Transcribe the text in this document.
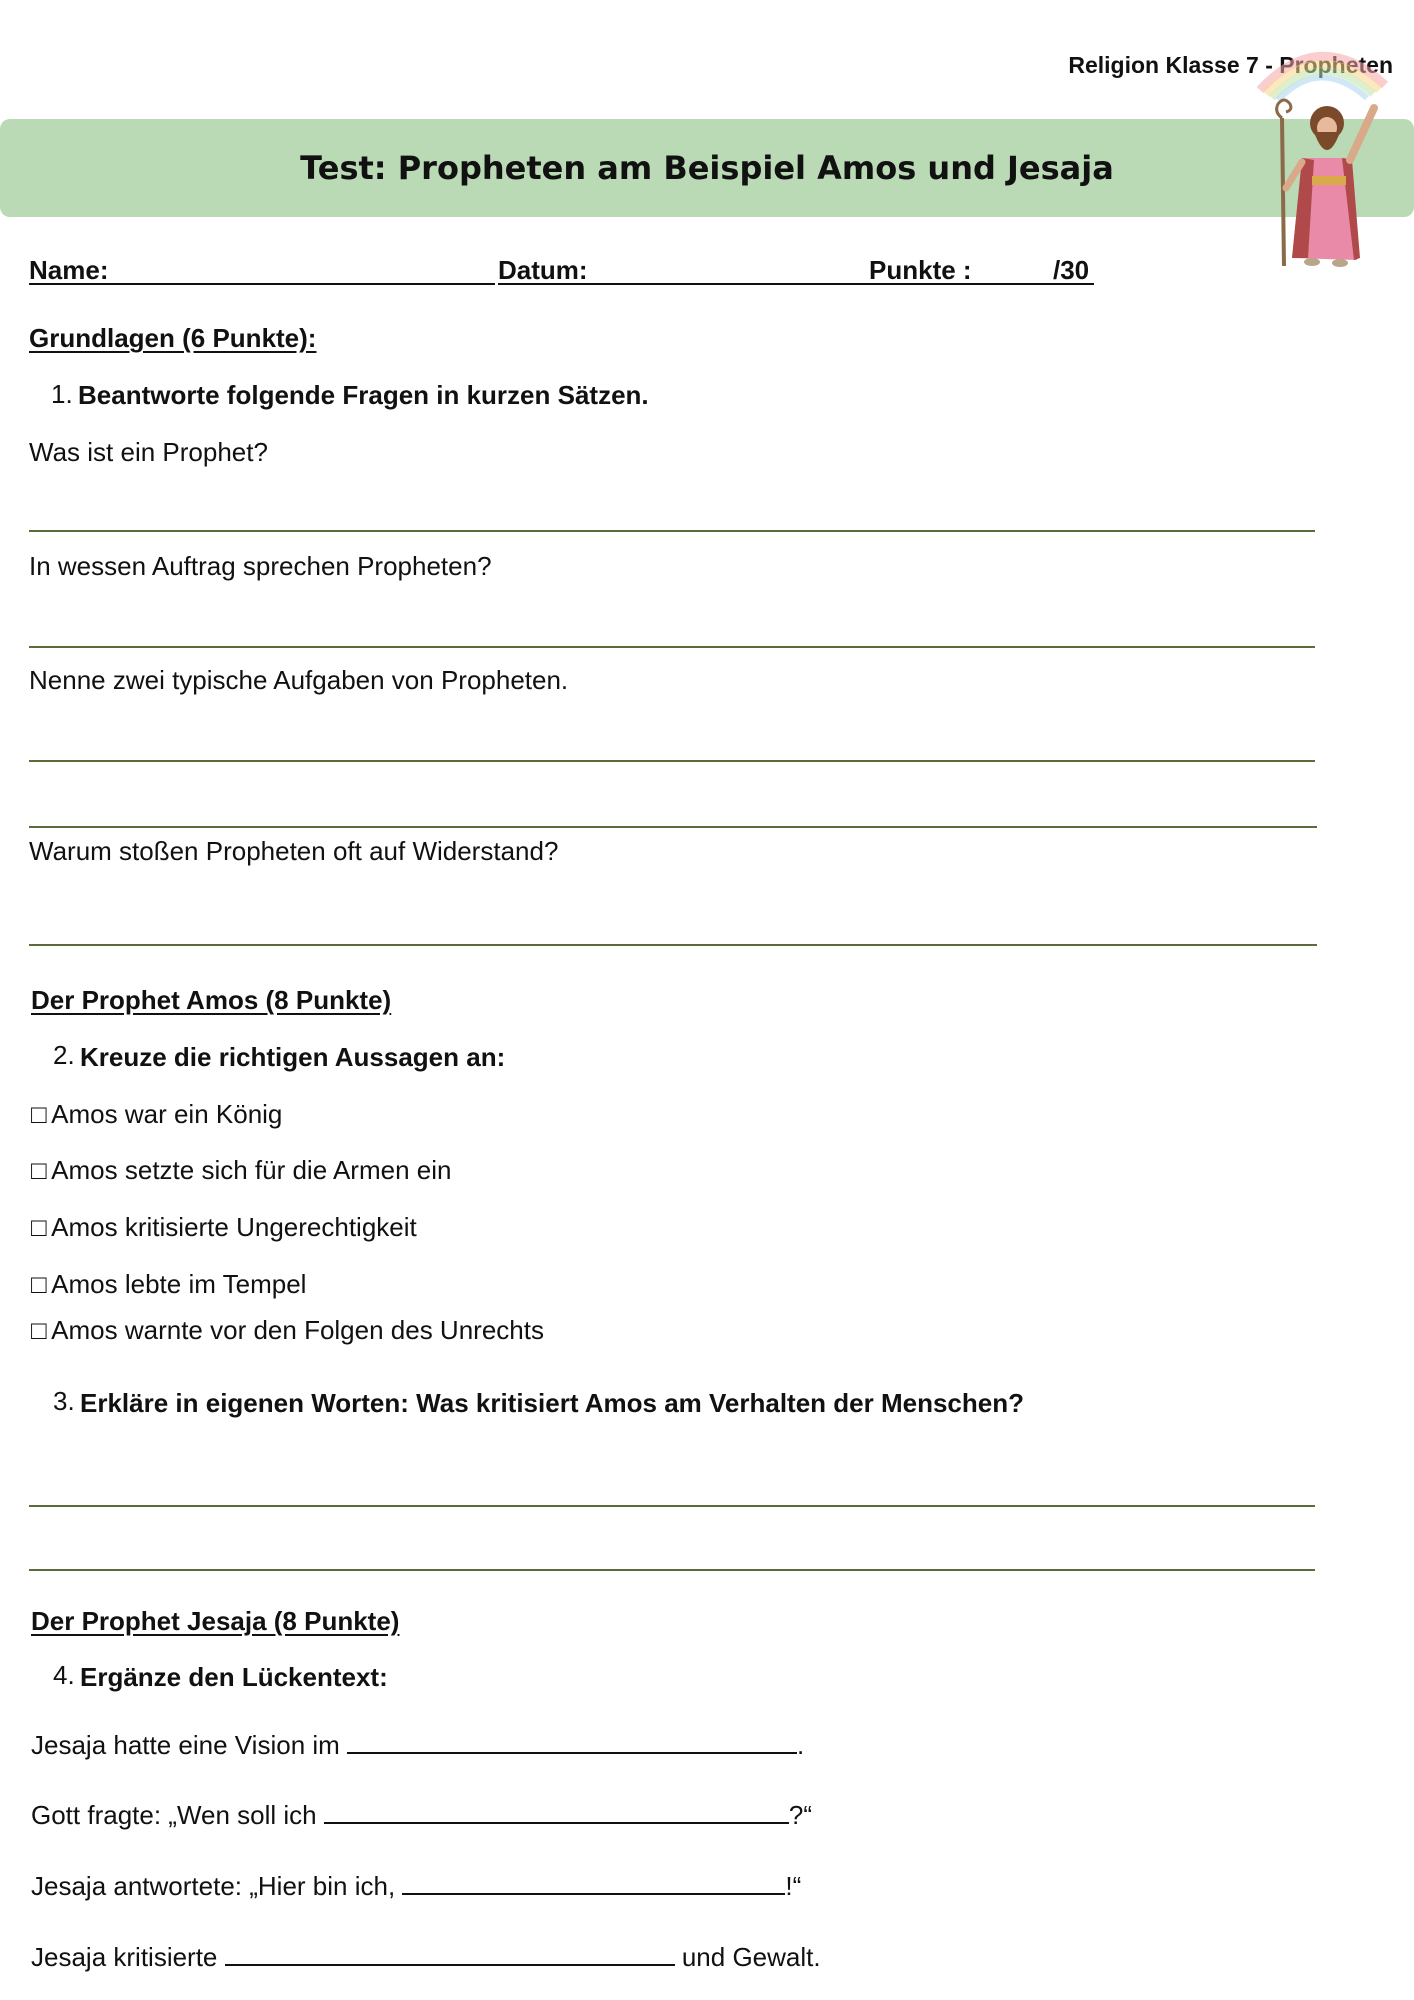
Religion Klasse 7 - Propheten
Test: Propheten am Beispiel Amos und Jesaja
Name:	Datum:	Punkte :	/30
Grundlagen (6 Punkte):
1. Beantworte folgende Fragen in kurzen Sätzen.
Was ist ein Prophet?
In wessen Auftrag sprechen Propheten?
Nenne zwei typische Aufgaben von Propheten.
Warum stoßen Propheten oft auf Widerstand?
Der Prophet Amos (8 Punkte)
2. Kreuze die richtigen Aussagen an:
□ Amos war ein König
□ Amos setzte sich für die Armen ein
□ Amos kritisierte Ungerechtigkeit
□ Amos lebte im Tempel
□ Amos warnte vor den Folgen des Unrechts
3. Erkläre in eigenen Worten: Was kritisiert Amos am Verhalten der Menschen?
Der Prophet Jesaja (8 Punkte)
4. Ergänze den Lückentext:
Jesaja hatte eine Vision im	.
Gott fragte: „Wen soll ich	?“
Jesaja antwortete: „Hier bin ich,	!“
Jesaja kritisierte	und Gewalt.
